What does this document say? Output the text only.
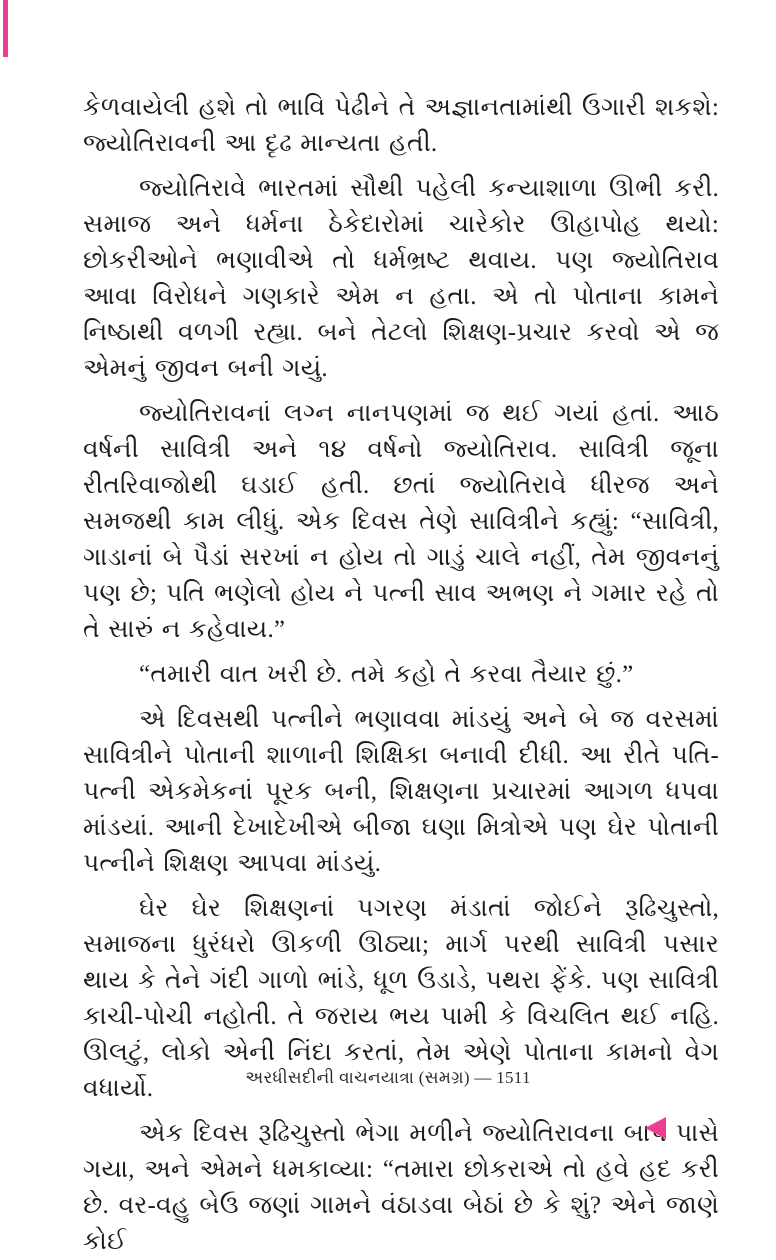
કેળવાયેલી હશે તો ભાવિ પેઢીને તે અજ્ઞાનતામાંથી ઉગારી શકશે: જ્યોતિરાવની આ દૃઢ માન્યતા હતી.

જ્યોતિરાવે ભારતમાં સૌથી પહેલી કન્યાશાળા ઊભી કરી. સમાજ અને ધર્મના ઠેકેદારોમાં ચારેકોર ઊહાપોહ થયો: છોકરીઓને ભણાવીએ તો ધર્મભ્રષ્ટ થવાય. પણ જ્યોતિરાવ આવા વિરોધને ગણકારે એમ ન હતા. એ તો પોતાના કામને નિષ્ઠાથી વળગી રહ્યા. બને તેટલો શિક્ષણ-પ્રચાર કરવો એ જ એમનું જીવન બની ગયું.

જ્યોતિરાવનાં લગ્ન નાનપણમાં જ થઈ ગયાં હતાં. આઠ વર્ષની સાવિત્રી અને ૧૪ વર્ષનો જ્યોતિરાવ. સાવિત્રી જૂના રીતરિવાજોથી ઘડાઈ હતી. છતાં જ્યોતિરાવે ધીરજ અને સમજથી કામ લીધું. એક દિવસ તેણે સાવિત્રીને કહ્યું: “સાવિત્રી, ગાડાનાં બે પૈડાં સરખાં ન હોય તો ગાડું ચાલે નહીં, તેમ જીવનનું પણ છે; પતિ ભણેલો હોય ને પત્ની સાવ અભણ ને ગમાર રહે તો તે સારું ન કહેવાય.”

“તમારી વાત ખરી છે. તમે કહો તે કરવા તૈયાર છું.”

એ દિવસથી પત્નીને ભણાવવા માંડયું અને બે જ વરસમાં સાવિત્રીને પોતાની શાળાની શિક્ષિકા બનાવી દીધી. આ રીતે પતિ-પત્ની એકમેકનાં પૂરક બની, શિક્ષણના પ્રચારમાં આગળ ધપવા માંડયાં. આની દેખાદેખીએ બીજા ઘણા મિત્રોએ પણ ઘેર પોતાની પત્નીને શિક્ષણ આપવા માંડયું.

ઘેર ઘેર શિક્ષણનાં પગરણ મંડાતાં જોઈને રૂઢિચુસ્તો, સમાજના ધુરંધરો ઊકળી ઊઠ્યા; માર્ગ પરથી સાવિત્રી પસાર થાય કે તેને ગંદી ગાળો ભાંડે, ધૂળ ઉડાડે, પથરા ફેંકે. પણ સાવિત્રી કાચી-પોચી નહોતી. તે જરાય ભય પામી કે વિચલિત થઈ નહિ. ઊલટું, લોકો એની નિંદા કરતાં, તેમ એણે પોતાના કામનો વેગ વધાર્યો.

એક દિવસ રૂઢિચુસ્તો ભેગા મળીને જ્યોતિરાવના બાપ પાસે ગયા, અને એમને ધમકાવ્યા: “તમારા છોકરાએ તો હવે હદ કરી છે. વર-વહુ બેઉ જણાં ગામને વંઠાડવા બેઠાં છે કે શું? એને જાણે કોઈ

અરધીસદીની વાચનયાત્રા (સમગ્ર) — 1511
